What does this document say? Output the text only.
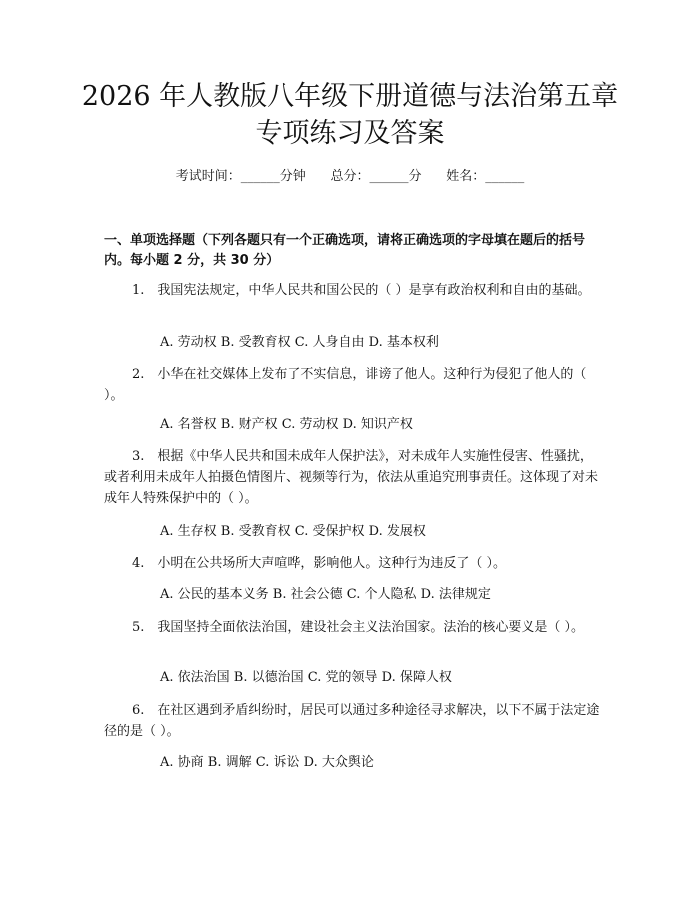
2026 年人教版八年级下册道德与法治第五章
专项练习及答案
考试时间：______分钟      总分：______分      姓名：______
一、单项选择题（下列各题只有一个正确选项，请将正确选项的字母填在题后的括号内。每小题 2 分，共 30 分）
1.　我国宪法规定，中华人民共和国公民的（ ）是享有政治权利和自由的基础。
A. 劳动权 B. 受教育权 C. 人身自由 D. 基本权利
2.　小华在社交媒体上发布了不实信息，诽谤了他人。这种行为侵犯了他人的（ ）。
A. 名誉权 B. 财产权 C. 劳动权 D. 知识产权
3.　根据《中华人民共和国未成年人保护法》，对未成年人实施性侵害、性骚扰，或者利用未成年人拍摄色情图片、视频等行为，依法从重追究刑事责任。这体现了对未成年人特殊保护中的（ ）。
A. 生存权 B. 受教育权 C. 受保护权 D. 发展权
4.　小明在公共场所大声喧哗，影响他人。这种行为违反了（ ）。
A. 公民的基本义务 B. 社会公德 C. 个人隐私 D. 法律规定
5.　我国坚持全面依法治国，建设社会主义法治国家。法治的核心要义是（ ）。
A. 依法治国 B. 以德治国 C. 党的领导 D. 保障人权
6.　在社区遇到矛盾纠纷时，居民可以通过多种途径寻求解决，以下不属于法定途径的是（ ）。
A. 协商 B. 调解 C. 诉讼 D. 大众舆论
